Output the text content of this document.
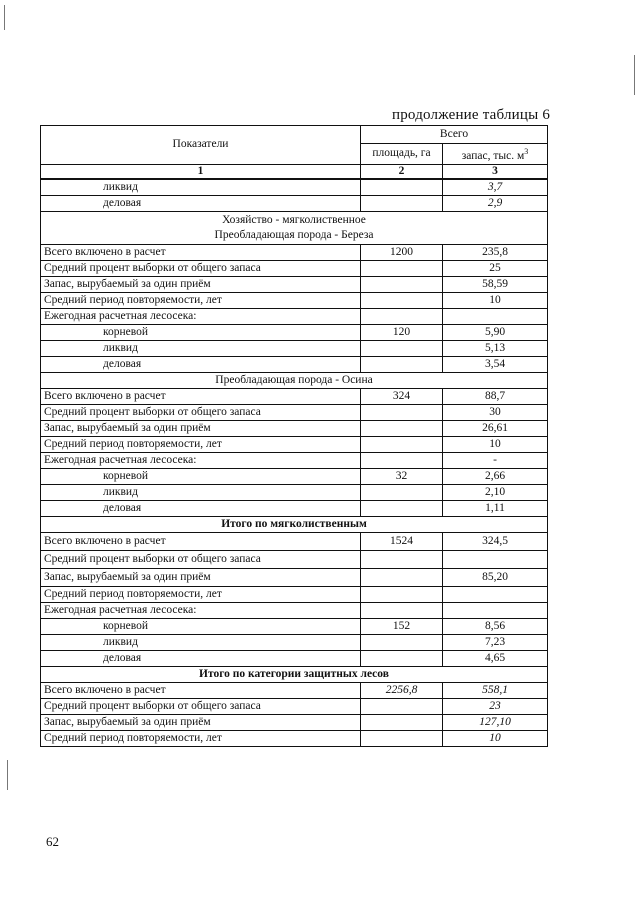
продолжение таблицы 6
Показатели	Всего	
	площадь, га	запас, тыс. $м^3$
1	2	3
ликвид		3,7
деловая		2,9

Хозяйство - мягколиственное
Преобладающая порода - Береза		

Всего включено в расчет	1200	235,8
Средний процент выборки от общего запаса		25
Запас, вырубаемый за один приём		58,59
Средний период повторяемости, лет		10
Ежегодная расчетная лесосека:		
корневой	120	5,90
ликвид		5,13
деловая		3,54
Преобладающая порода - Осина		
Всего включено в расчет	324	88,7
Средний процент выборки от общего запаса		30
Запас, вырубаемый за один приём		26,61
Средний период повторяемости, лет		10
Ежегодная расчетная лесосека:		-
корневой	32	2,66
ликвид		2,10
деловая		1,11
Итого по мягколиственным		
Всего включено в расчет	1524	324,5
Средний процент выборки от общего запаса		
Запас, вырубаемый за один приём		85,20
Средний период повторяемости, лет		
Ежегодная расчетная лесосека:		
корневой	152	8,56
ликвид		7,23
деловая		4,65
Итого по категории защитных лесов		
Всего включено в расчет	2256,8	558,1
Средний процент выборки от общего запаса		23
Запас, вырубаемый за один приём		127,10
Средний период повторяемости, лет		10
62
